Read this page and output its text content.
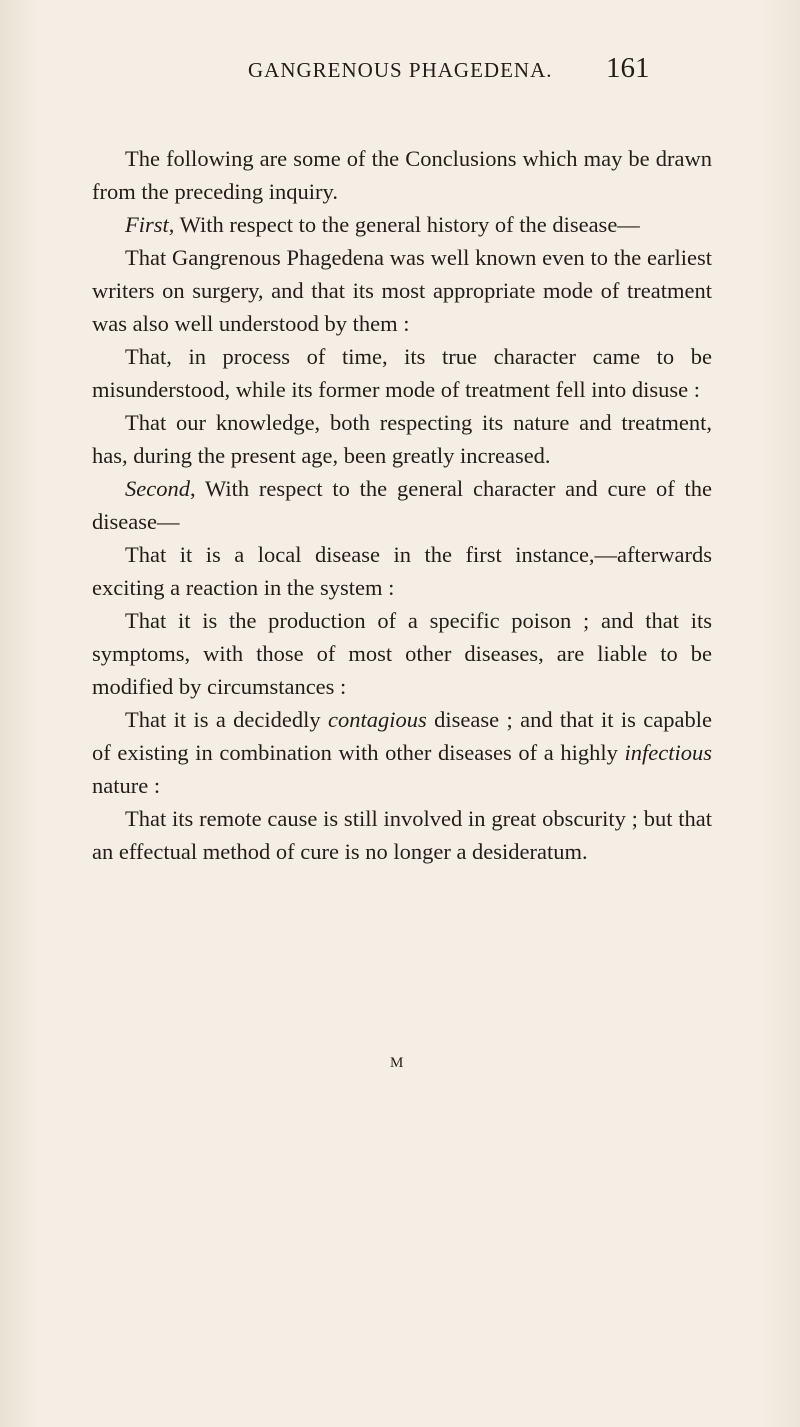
GANGRENOUS PHAGEDENA. 161

The following are some of the Conclusions which may be drawn from the preceding inquiry.

First, With respect to the general history of the disease—

That Gangrenous Phagedena was well known even to the earliest writers on surgery, and that its most appropriate mode of treatment was also well understood by them :

That, in process of time, its true character came to be misunderstood, while its former mode of treatment fell into disuse :

That our knowledge, both respecting its nature and treatment, has, during the present age, been greatly increased.

Second, With respect to the general character and cure of the disease—

That it is a local disease in the first instance,—afterwards exciting a reaction in the system :

That it is the production of a specific poison ; and that its symptoms, with those of most other diseases, are liable to be modified by circumstances :

That it is a decidedly contagious disease ; and that it is capable of existing in combination with other diseases of a highly infectious nature :

That its remote cause is still involved in great obscurity ; but that an effectual method of cure is no longer a desideratum.

M
